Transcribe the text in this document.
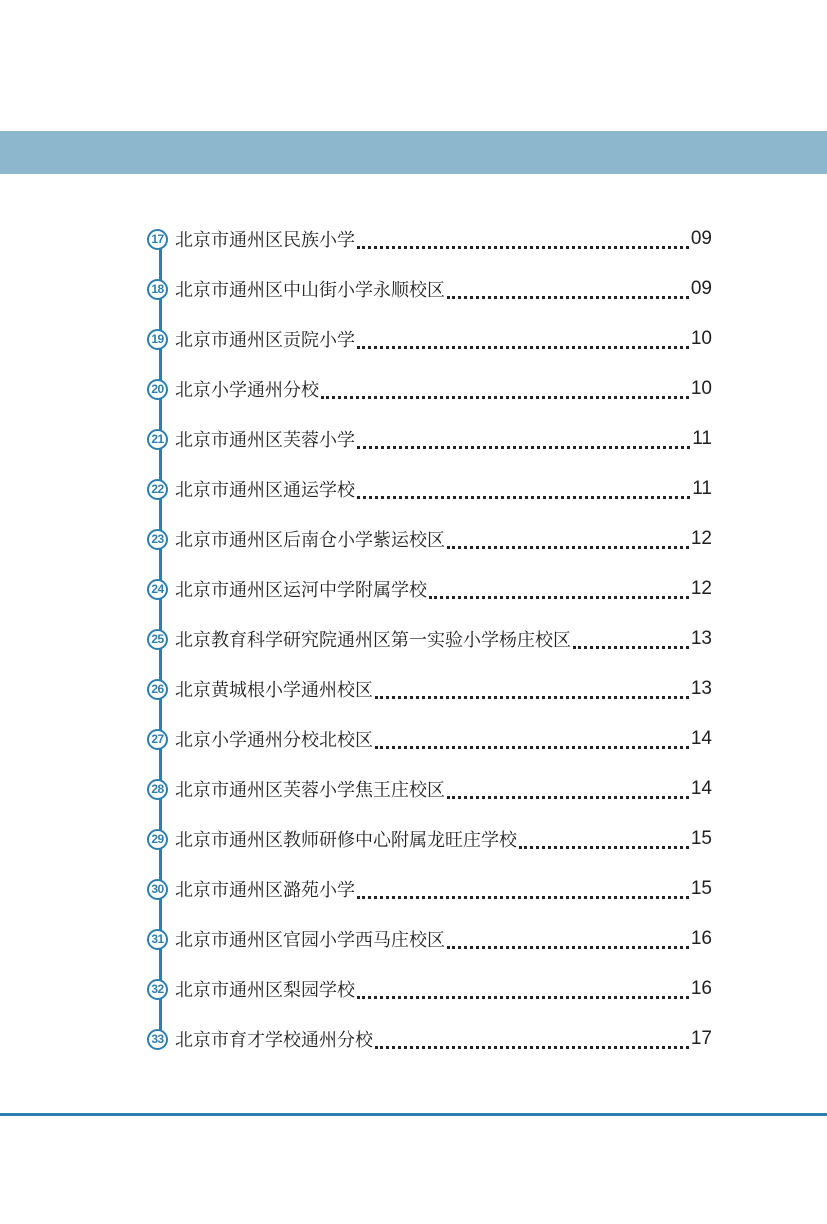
17 北京市通州区民族小学	09
18 北京市通州区中山街小学永顺校区	09
19 北京市通州区贡院小学	10
20 北京小学通州分校	10
21 北京市通州区芙蓉小学	11
22 北京市通州区通运学校	11
23 北京市通州区后南仓小学紫运校区	12
24 北京市通州区运河中学附属学校	12
25 北京教育科学研究院通州区第一实验小学杨庄校区	13
26 北京黄城根小学通州校区	13
27 北京小学通州分校北校区	14
28 北京市通州区芙蓉小学焦王庄校区	14
29 北京市通州区教师研修中心附属龙旺庄学校	15
30 北京市通州区潞苑小学	15
31 北京市通州区官园小学西马庄校区	16
32 北京市通州区梨园学校	16
33 北京市育才学校通州分校	17
